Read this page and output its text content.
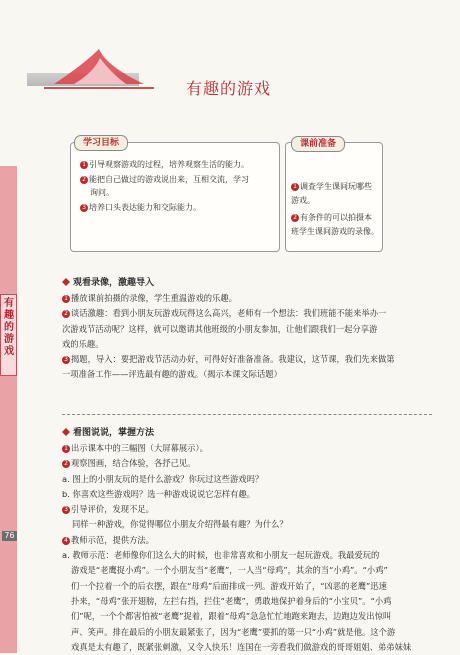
有趣的游戏
76
有趣的游戏
学习目标
1 引导观察游戏的过程，培养观察生活的能力。
2 能把自己做过的游戏说出来，互相交流，学习
询问。
3 培养口头表达能力和交际能力。
课前准备
1 调查学生课间玩哪些
游戏。
2 有条件的可以拍摄本
班学生课间游戏的录像。
观看录像，激趣导入
1 播放课前拍摄的录像，学生重温游戏的乐趣。
2 谈话激趣：看到小朋友玩游戏玩得这么高兴，老师有一个想法：我们班能不能来举办一
次游戏节活动呢？这样，就可以邀请其他班级的小朋友参加，让他们跟我们一起分享游
戏的乐趣。
3 揭题，导入：要把游戏节活动办好，可得好好准备准备。我建议，这节课，我们先来做第
一项准备工作——评选最有趣的游戏。（揭示本课文际话题）
看图说说，掌握方法
1 出示课本中的三幅图（大屏幕展示）。
2 观察图画，结合体验，各抒己见。
a. 图上的小朋友玩的是什么游戏？你玩过这些游戏吗？
b. 你喜欢这些游戏吗？选一种游戏说说它怎样有趣。
3 引导评价，发现不足。
同样一种游戏，你觉得哪位小朋友介绍得最有趣？为什么？
4 教师示范，提供方法。
a. 教师示范：老师像你们这么大的时候，也非常喜欢和小朋友一起玩游戏。我最爱玩的
游戏是“老鹰捉小鸡”。一个小朋友当“老鹰”，一人当“母鸡”，其余的当“小鸡”。“小鸡”
们一个拉着一个的后衣摆，跟在“母鸡”后面排成一列。游戏开始了，“凶恶的老鹰”迅速
扑来，“母鸡”张开翅膀，左拦右挡，拦住“老鹰”，勇敢地保护着身后的“小宝贝”。“小鸡
们”呢，一个个都害怕被“老鹰”捉着，跟着“母鸡”急急忙忙地跑来跑去，边跑边发出惊叫
声、笑声。排在最后的小朋友最紧张了，因为“老鹰”要抓的第一只“小鸡”就是他。这个游
戏真是太有趣了，既紧张刺激，又令人快乐！连国在一旁看我们做游戏的哥哥姐姐、弟弟妹妹
